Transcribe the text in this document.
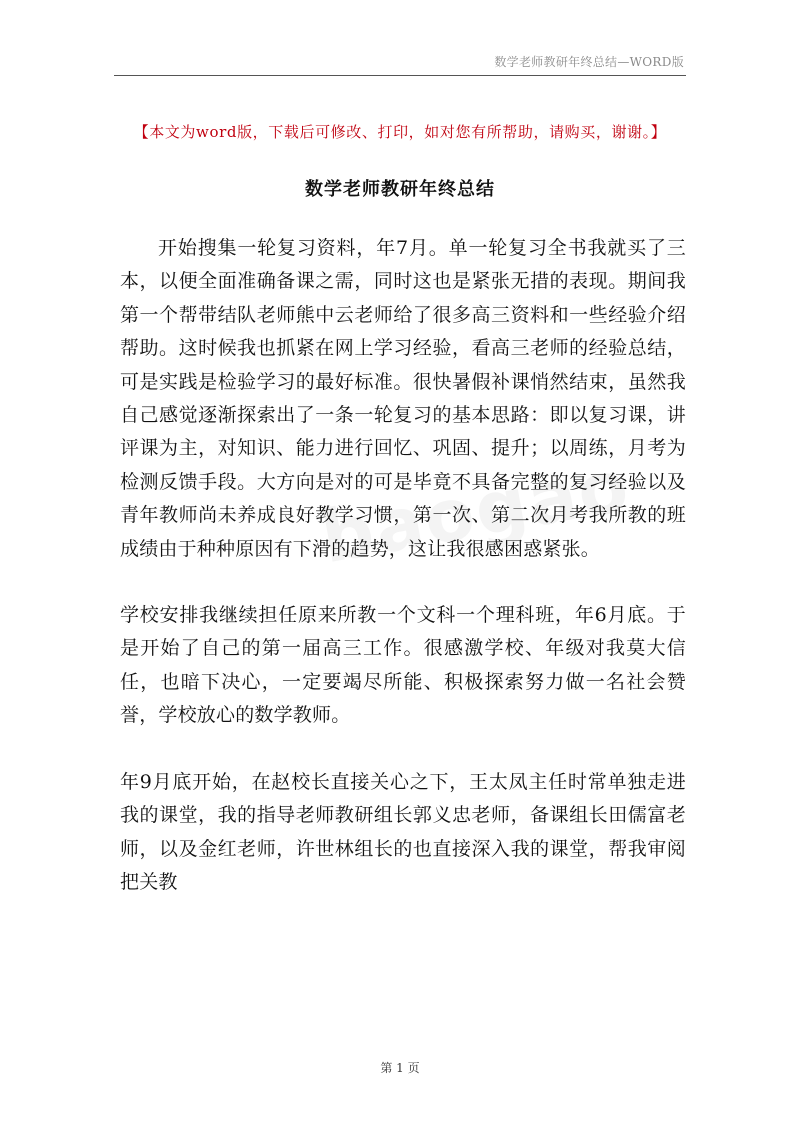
数学老师教研年终总结—WORD版
【本文为word版，下载后可修改、打印，如对您有所帮助，请购买，谢谢。】
数学老师教研年终总结

开始搜集一轮复习资料，年7月。单一轮复习全书我就买了三本，以便全面准确备课之需，同时这也是紧张无措的表现。期间我第一个帮带结队老师熊中云老师给了很多高三资料和一些经验介绍帮助。这时候我也抓紧在网上学习经验，看高三老师的经验总结，可是实践是检验学习的最好标准。很快暑假补课悄然结束，虽然我自己感觉逐渐探索出了一条一轮复习的基本思路：即以复习课，讲评课为主，对知识、能力进行回忆、巩固、提升；以周练，月考为检测反馈手段。大方向是对的可是毕竟不具备完整的复习经验以及青年教师尚未养成良好教学习惯，第一次、第二次月考我所教的班成绩由于种种原因有下滑的趋势，这让我很感困惑紧张。

学校安排我继续担任原来所教一个文科一个理科班，年6月底。于是开始了自己的第一届高三工作。很感激学校、年级对我莫大信任，也暗下决心，一定要竭尽所能、积极探索努力做一名社会赞誉，学校放心的数学教师。

年9月底开始，在赵校长直接关心之下，王太凤主任时常单独走进我的课堂，我的指导老师教研组长郭义忠老师，备课组长田儒富老师，以及金红老师，许世林组长的也直接深入我的课堂，帮我审阅把关教

第 1 页
